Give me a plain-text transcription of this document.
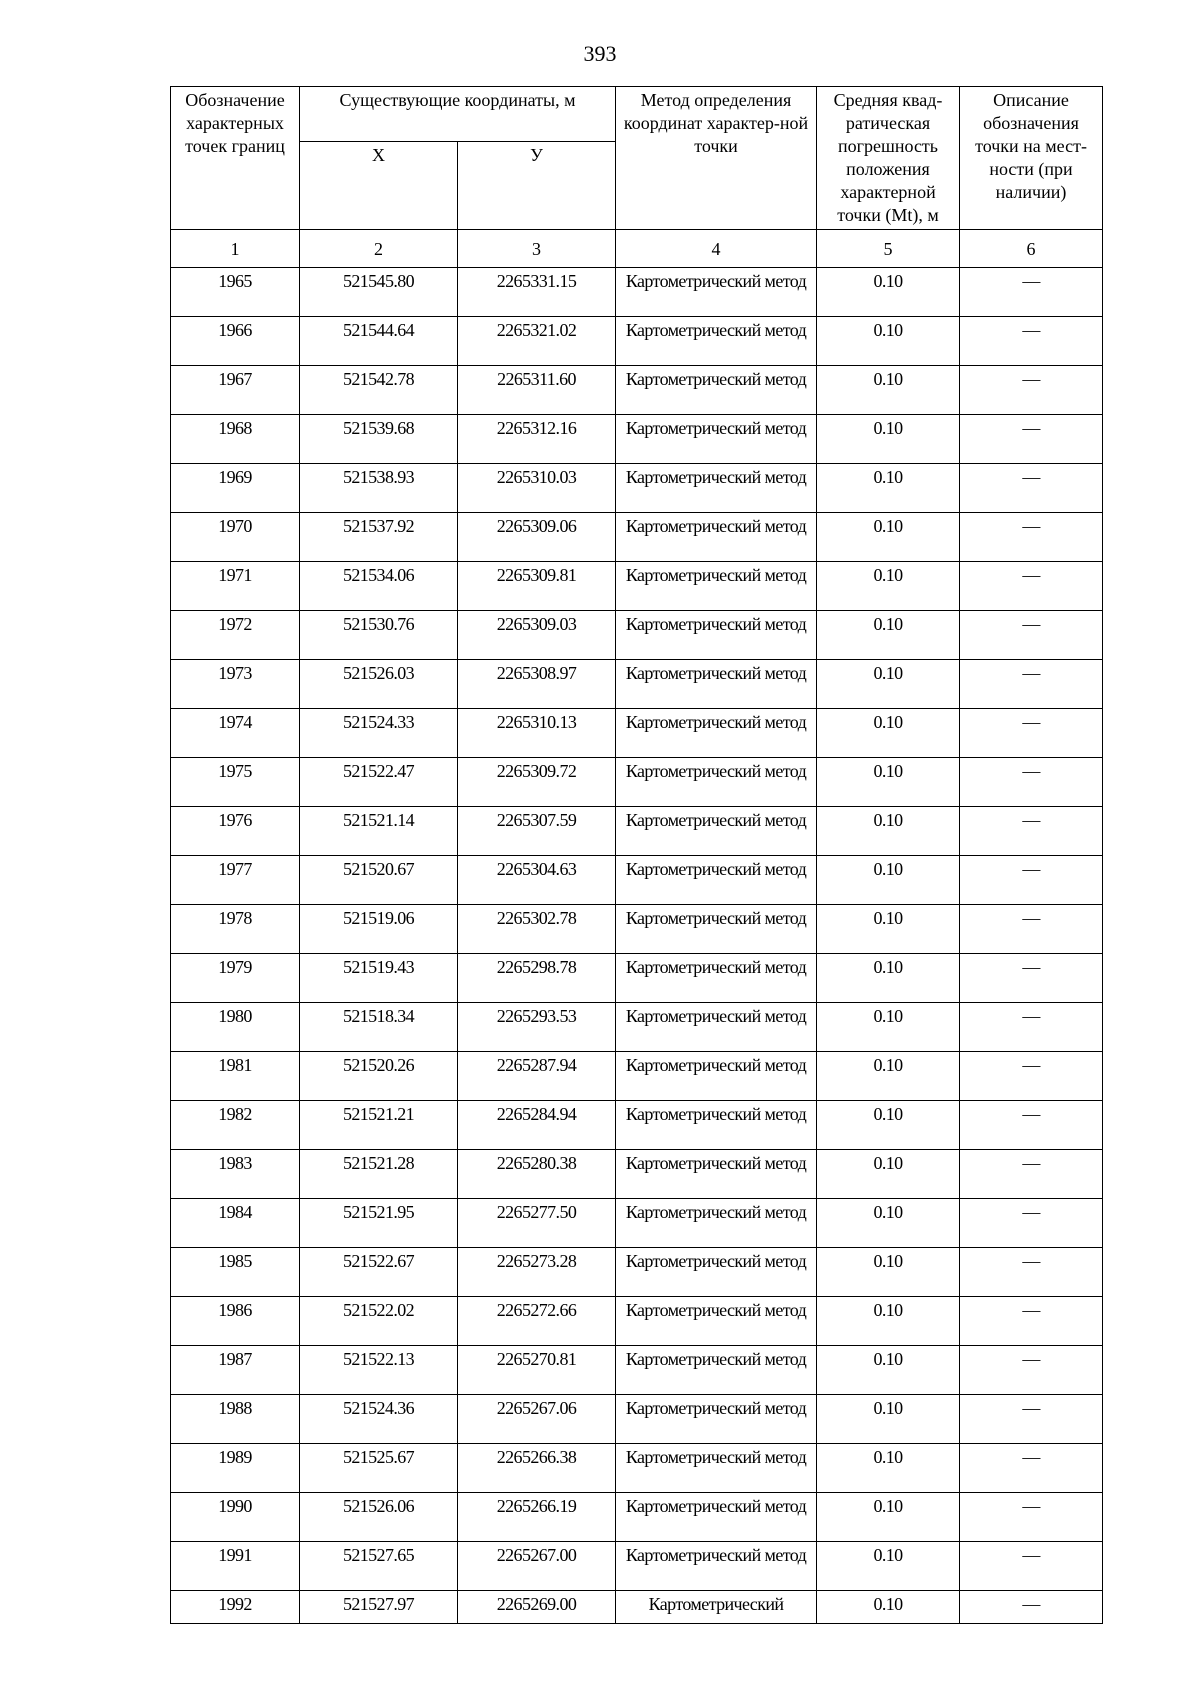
393
Обозначение характерных точек границ	Существующие координаты, м		Метод определения координат характер-ной точки	Средняя квад-ратическая погрешность положения характерной точки (Mt), м	Описание обозначения точки на мест-ности (при наличии)
	Х	У			
1	2	3	4	5	6
1965	521545.80	2265331.15	Картометрический метод	0.10	—
1966	521544.64	2265321.02	Картометрический метод	0.10	—
1967	521542.78	2265311.60	Картометрический метод	0.10	—
1968	521539.68	2265312.16	Картометрический метод	0.10	—
1969	521538.93	2265310.03	Картометрический метод	0.10	—
1970	521537.92	2265309.06	Картометрический метод	0.10	—
1971	521534.06	2265309.81	Картометрический метод	0.10	—
1972	521530.76	2265309.03	Картометрический метод	0.10	—
1973	521526.03	2265308.97	Картометрический метод	0.10	—
1974	521524.33	2265310.13	Картометрический метод	0.10	—
1975	521522.47	2265309.72	Картометрический метод	0.10	—
1976	521521.14	2265307.59	Картометрический метод	0.10	—
1977	521520.67	2265304.63	Картометрический метод	0.10	—
1978	521519.06	2265302.78	Картометрический метод	0.10	—
1979	521519.43	2265298.78	Картометрический метод	0.10	—
1980	521518.34	2265293.53	Картометрический метод	0.10	—
1981	521520.26	2265287.94	Картометрический метод	0.10	—
1982	521521.21	2265284.94	Картометрический метод	0.10	—
1983	521521.28	2265280.38	Картометрический метод	0.10	—
1984	521521.95	2265277.50	Картометрический метод	0.10	—
1985	521522.67	2265273.28	Картометрический метод	0.10	—
1986	521522.02	2265272.66	Картометрический метод	0.10	—
1987	521522.13	2265270.81	Картометрический метод	0.10	—
1988	521524.36	2265267.06	Картометрический метод	0.10	—
1989	521525.67	2265266.38	Картометрический метод	0.10	—
1990	521526.06	2265266.19	Картометрический метод	0.10	—
1991	521527.65	2265267.00	Картометрический метод	0.10	—
1992	521527.97	2265269.00	Картометрический	0.10	—
